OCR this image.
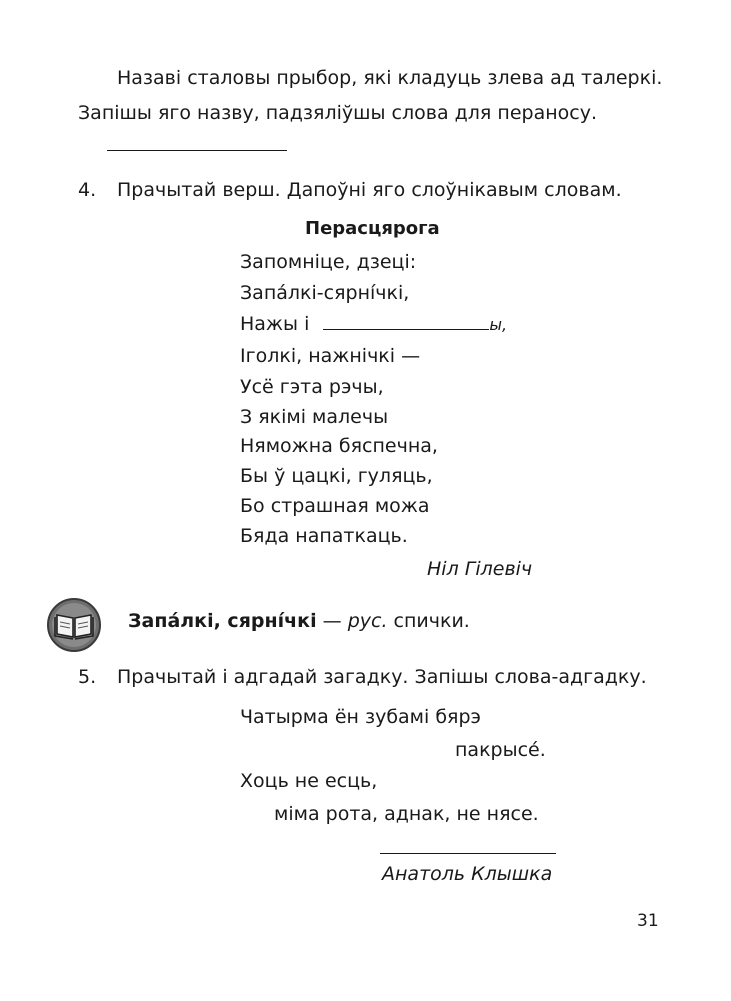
Назаві сталовы прыбор, які кладуць злева ад талеркі.
Запішы яго назву, падзяліўшы слова для пераносу.
4. Прачытай верш. Дапоўні яго слоўнікавым словам.
Перасцярога
Запомніце, дзеці:
Запа́лкі-сярні́чкі,
Нажы і	ы,
Іголкі, нажнічкі —
Усё гэта рэчы,
З якімі малечы
Няможна бяспечна,
Бы ў цацкі, гуляць,
Бо страшная можа
Бяда напаткаць.
Ніл Гілевіч
Запа́лкі, сярні́чкі — рус. спички.
5. Прачытай і адгадай загадку. Запішы слова-адгадку.
Чатырма ён зубамі бярэ
пакрысе́.
Хоць не есць,
міма рота, аднак, не нясе.
Анатоль Клышка
31
